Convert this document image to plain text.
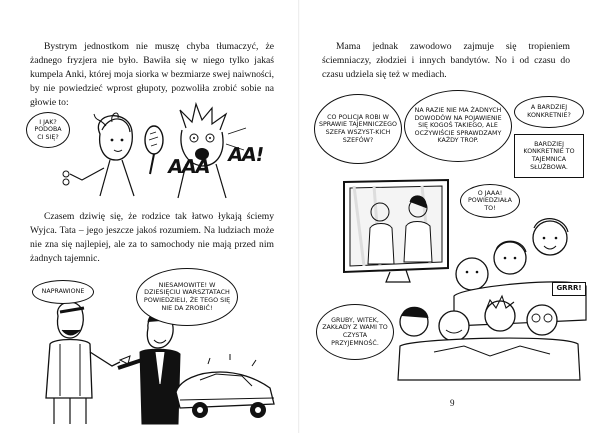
Bystrym jednostkom nie muszę chyba tłumaczyć, że żadnego fryzjera nie było. Bawiła się w niego tylko jakaś kumpela Anki, której moja siorka w bezmiarze swej naiwności, by nie powiedzieć wprost głupoty, pozwoliła zrobić sobie na głowie to:

I JAK? PODOBA CI SIĘ?
AAA
AA!

Czasem dziwię się, że rodzice tak łatwo łykają ściemy Wyjca. Tata – jego jeszcze jakoś rozumiem. Na ludziach może nie zna się najlepiej, ale za to samochody nie mają przed nim żadnych tajemnic.

NAPRAWIONE
NIESAMOWITE! W DZIESIĘCIU WARSZTATACH POWIEDZIELI, ŻE TEGO SIĘ NIE DA ZROBIĆ!

Mama jednak zawodowo zajmuje się tropieniem ściemniaczy, złodziei i innych bandytów. No i od czasu do czasu udziela się też w mediach.

CO POLICJA ROBI W SPRAWIE TAJEMNICZEGO SZEFA WSZYST-KICH SZEFÓW?
NA RAZIE NIE MA ŻADNYCH DOWODÓW NA POJAWIENIE SIĘ KOGOŚ TAKIEGO, ALE OCZYWIŚCIE SPRAWDZAMY KAŻDY TROP.
A BARDZIEJ KONKRETNIE?
BARDZIEJ KONKRETNIE TO TAJEMNICA SŁUŻBOWA.
O JAAA! POWIEDZIAŁA TO!
GRRR!
GRUBY, WITEK, ZAKŁADY Z WAMI TO CZYSTA PRZYJEMNOŚĆ.
9
